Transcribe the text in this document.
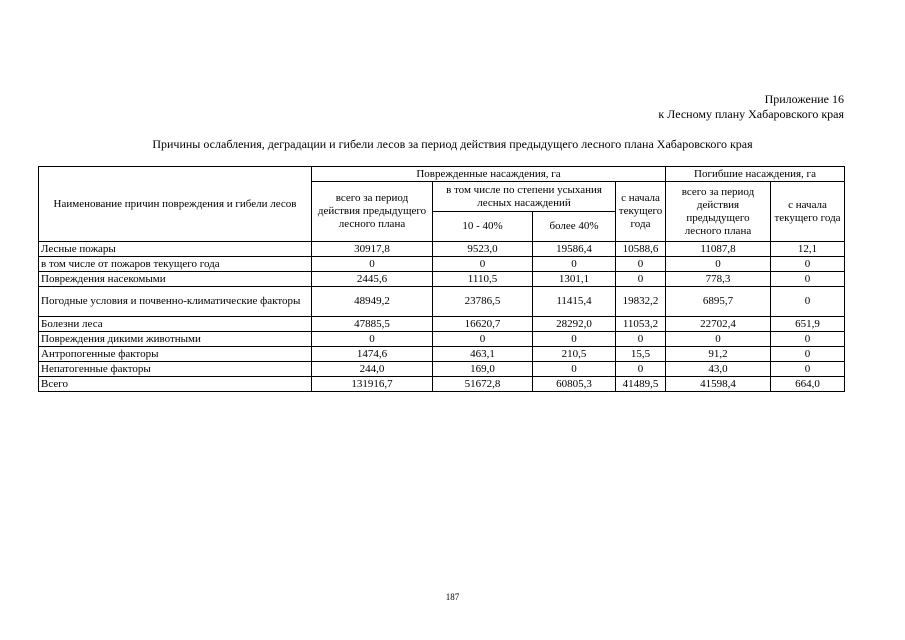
Приложение 16
к Лесному плану Хабаровского края
Причины ослабления, деградации и гибели лесов за период действия предыдущего лесного плана Хабаровского края
Наименование причин повреждения и гибели лесов	Поврежденные насаждения, га				Погибшие насаждения, га	
	всего за период действия предыдущего лесного плана	в том числе по степени усыхания лесных насаждений		с начала текущего года	всего за период действия предыдущего лесного плана	с начала текущего года
		10 - 40%	более 40%			
Лесные пожары	30917,8	9523,0	19586,4	10588,6	11087,8	12,1
в том числе от пожаров текущего года	0	0	0	0	0	0
Повреждения насекомыми	2445,6	1110,5	1301,1	0	778,3	0
Погодные условия и почвенно-климатические факторы	48949,2	23786,5	11415,4	19832,2	6895,7	0
Болезни леса	47885,5	16620,7	28292,0	11053,2	22702,4	651,9
Повреждения дикими животными	0	0	0	0	0	0
Антропогенные факторы	1474,6	463,1	210,5	15,5	91,2	0
Непатогенные факторы	244,0	169,0	0	0	43,0	0
Всего	131916,7	51672,8	60805,3	41489,5	41598,4	664,0
187
